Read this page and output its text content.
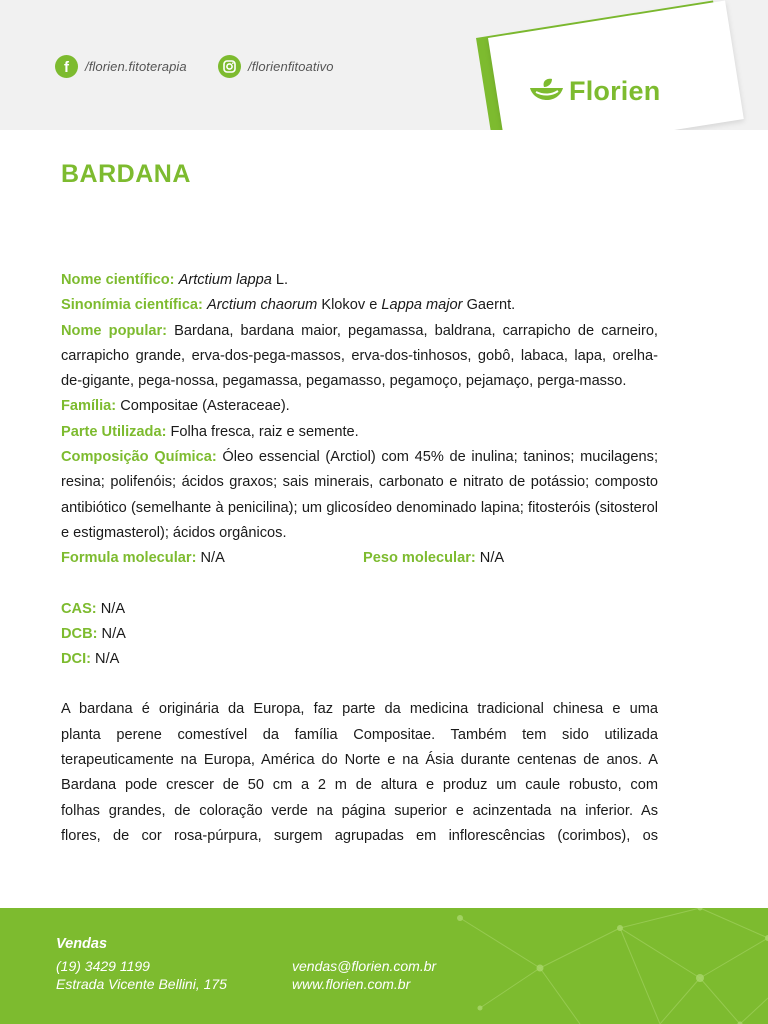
f /florien.fitoterapia	/florienfitoativo
Florien
BARDANA

Nome científico: Artctium lappa L.

Sinonímia científica: Arctium chaorum Klokov e Lappa major Gaernt.

Nome popular: Bardana, bardana maior, pegamassa, baldrana, carrapicho de carneiro, carrapicho grande, erva-dos-pega-massos, erva-dos-tinhosos, gobô, labaca, lapa, orelha-de-gigante, pega-nossa, pegamassa, pegamasso, pegamoço, pejamaço, perga-masso.

Família: Compositae (Asteraceae).

Parte Utilizada: Folha fresca, raiz e semente.

Composição Química: Óleo essencial (Arctiol) com 45% de inulina; taninos; mucilagens; resina; polifenóis; ácidos graxos; sais minerais, carbonato e nitrato de potássio; composto antibiótico (semelhante à penicilina); um glicosídeo denominado lapina; fitosteróis (sitosterol e estigmasterol); ácidos orgânicos.

Formula molecular: N/A	Peso molecular: N/A

CAS: N/A

DCB: N/A

DCI: N/A

A bardana é originária da Europa, faz parte da medicina tradicional chinesa e uma
planta perene comestível da família Compositae. Também tem sido utilizada
terapeuticamente na Europa, América do Norte e na Ásia durante centenas de anos. A
Bardana pode crescer de 50 cm a 2 m de altura e produz um caule robusto, com
folhas grandes, de coloração verde na página superior e acinzentada na inferior. As
flores, de cor rosa-púrpura, surgem agrupadas em inflorescências (corimbos), os
Vendas
(19) 3429 1199
Estrada Vicente Bellini, 175
vendas@florien.com.br
www.florien.com.br
